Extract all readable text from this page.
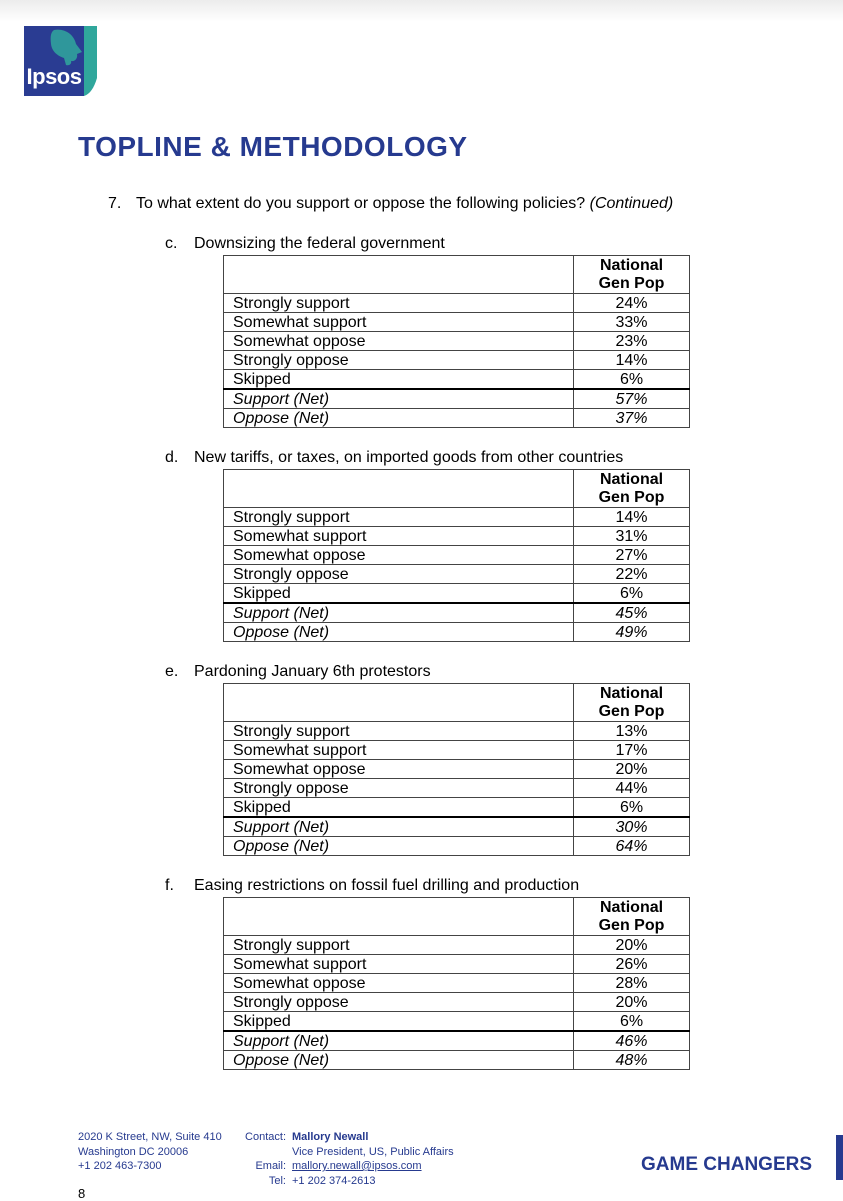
Ipsos
TOPLINE & METHODOLOGY
7. To what extent do you support or oppose the following policies? (Continued)
c. Downsizing the federal government

	National
Gen Pop

Strongly support	24%
Somewhat support	33%
Somewhat oppose	23%
Strongly oppose	14%
Skipped	6%
Support (Net)	57%
Oppose (Net)	37%
d. New tariffs, or taxes, on imported goods from other countries

	National
Gen Pop

Strongly support	14%
Somewhat support	31%
Somewhat oppose	27%
Strongly oppose	22%
Skipped	6%
Support (Net)	45%
Oppose (Net)	49%
e. Pardoning January 6th protestors

	National
Gen Pop

Strongly support	13%
Somewhat support	17%
Somewhat oppose	20%
Strongly oppose	44%
Skipped	6%
Support (Net)	30%
Oppose (Net)	64%
f. Easing restrictions on fossil fuel drilling and production

	National
Gen Pop

Strongly support	20%
Somewhat support	26%
Somewhat oppose	28%
Strongly oppose	20%
Skipped	6%
Support (Net)	46%
Oppose (Net)	48%
2020 K Street, NW, Suite 410
Washington DC 20006
+1 202 463-7300
Contact:

Email:
Tel:
Mallory Newall
Vice President, US, Public Affairs
mallory.newall@ipsos.com
+1 202 374-2613
GAME CHANGERS
8
